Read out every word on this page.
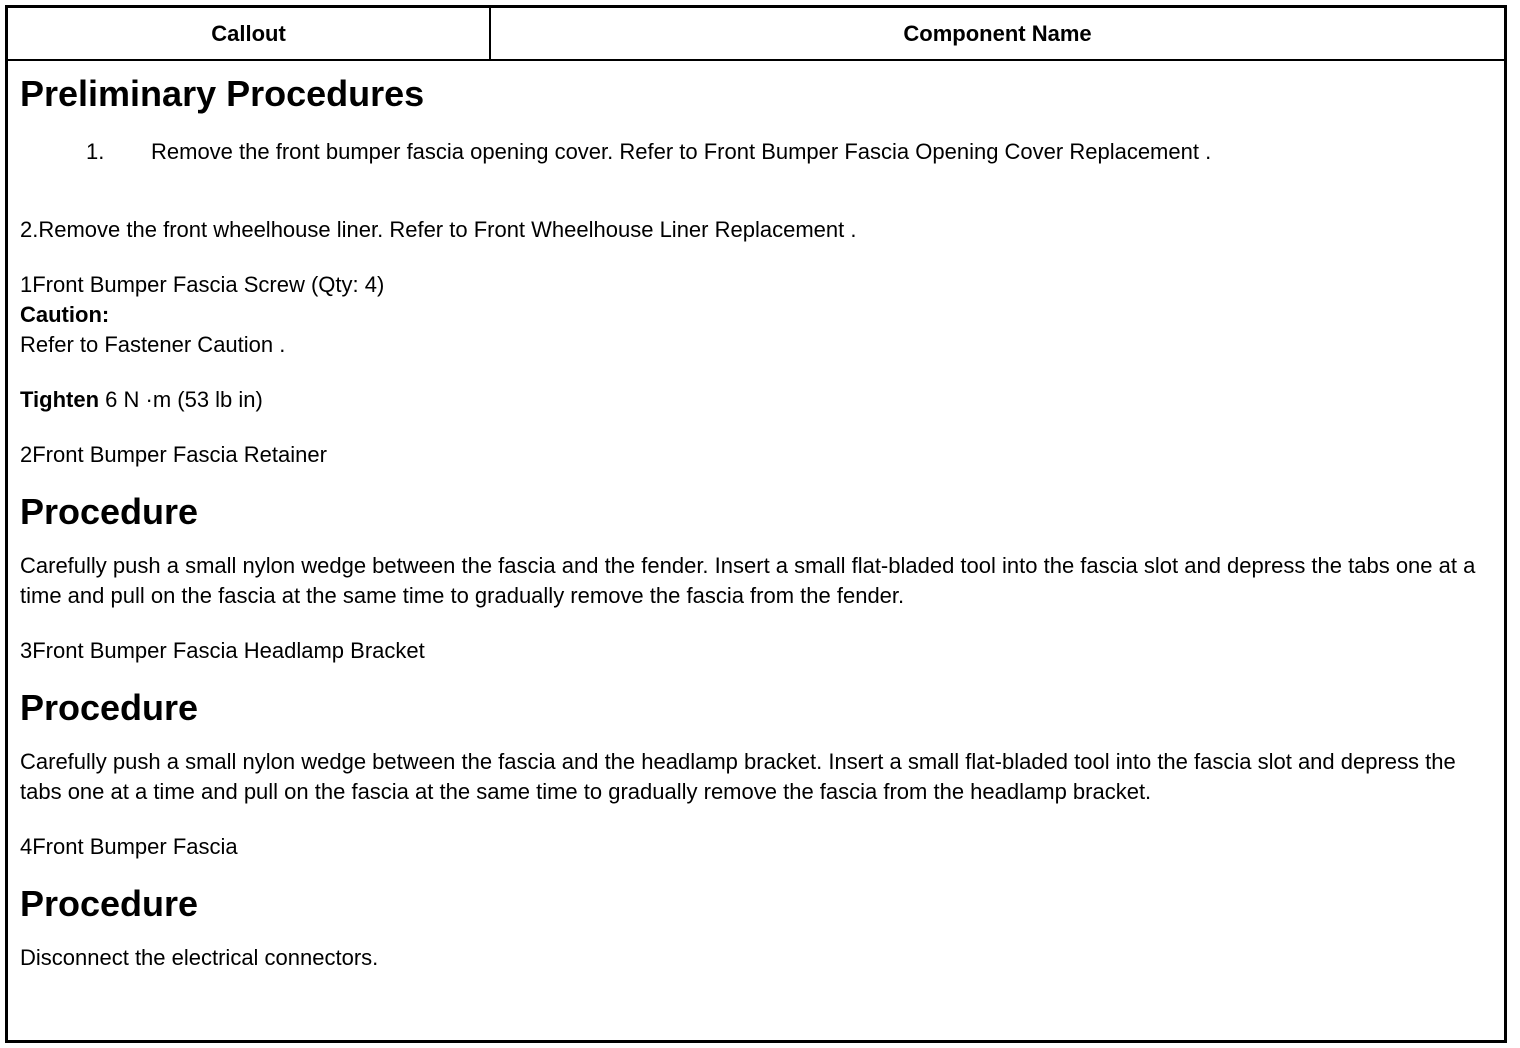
Callout	Component Name
Preliminary Procedures
1.	Remove the front bumper fascia opening cover. Refer to Front Bumper Fascia Opening Cover Replacement .

2.Remove the front wheelhouse liner. Refer to Front Wheelhouse Liner Replacement .

1Front Bumper Fascia Screw (Qty: 4)

Caution:

Refer to Fastener Caution .

Tighten 6 N ·m (53 lb in)

2Front Bumper Fascia Retainer

Procedure

Carefully push a small nylon wedge between the fascia and the fender. Insert a small flat-bladed tool into the fascia slot and depress the tabs one at a time and pull on the fascia at the same time to gradually remove the fascia from the fender.

3Front Bumper Fascia Headlamp Bracket

Procedure

Carefully push a small nylon wedge between the fascia and the headlamp bracket. Insert a small flat-bladed tool into the fascia slot and depress the tabs one at a time and pull on the fascia at the same time to gradually remove the fascia from the headlamp bracket.

4Front Bumper Fascia

Procedure

Disconnect the electrical connectors.
